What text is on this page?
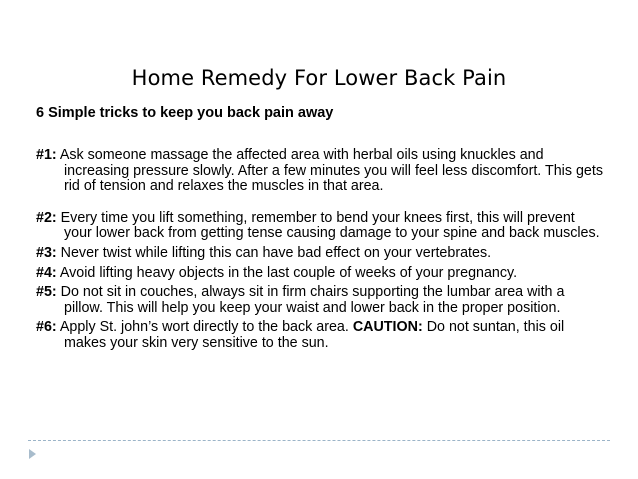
Home Remedy For Lower Back Pain
6 Simple tricks to keep you back pain away
#1: Ask someone massage the affected area with herbal oils using knuckles and increasing pressure slowly. After a few minutes you will feel less discomfort. This gets rid of tension and relaxes the muscles in that area.
#2: Every time you lift something, remember to bend your knees first, this will prevent your lower back from getting tense causing damage to your spine and back muscles.
#3: Never twist while lifting this can have bad effect on your vertebrates.
#4: Avoid lifting heavy objects in the last couple of weeks of your pregnancy.
#5: Do not sit in couches, always sit in firm chairs supporting the lumbar area with a pillow. This will help you keep your waist and lower back in the proper position.
#6: Apply St. john’s wort directly to the back area. CAUTION: Do not suntan, this oil makes your skin very sensitive to the sun.
